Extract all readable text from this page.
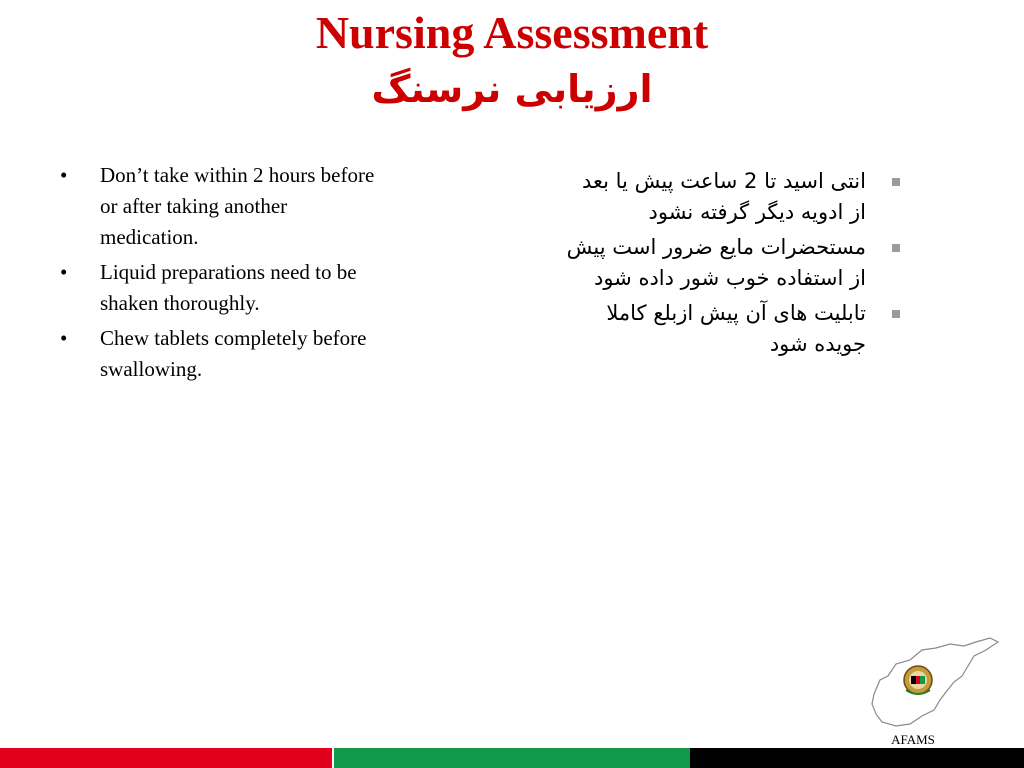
Nursing Assessment
ارزیابی نرسنگ
• Don’t take within 2 hours before or after taking another medication.
• Liquid preparations need to be shaken thoroughly.
• Chew tablets completely before swallowing.
انتی اسید تا 2 ساعت پیش یا بعد از ادویه دیگر گرفته نشود
مستحضرات مایع ضرور است پیش از استفاده خوب شور داده شود
تابلیت های آن پیش ازبلع کاملا جویده شود
AFAMS
